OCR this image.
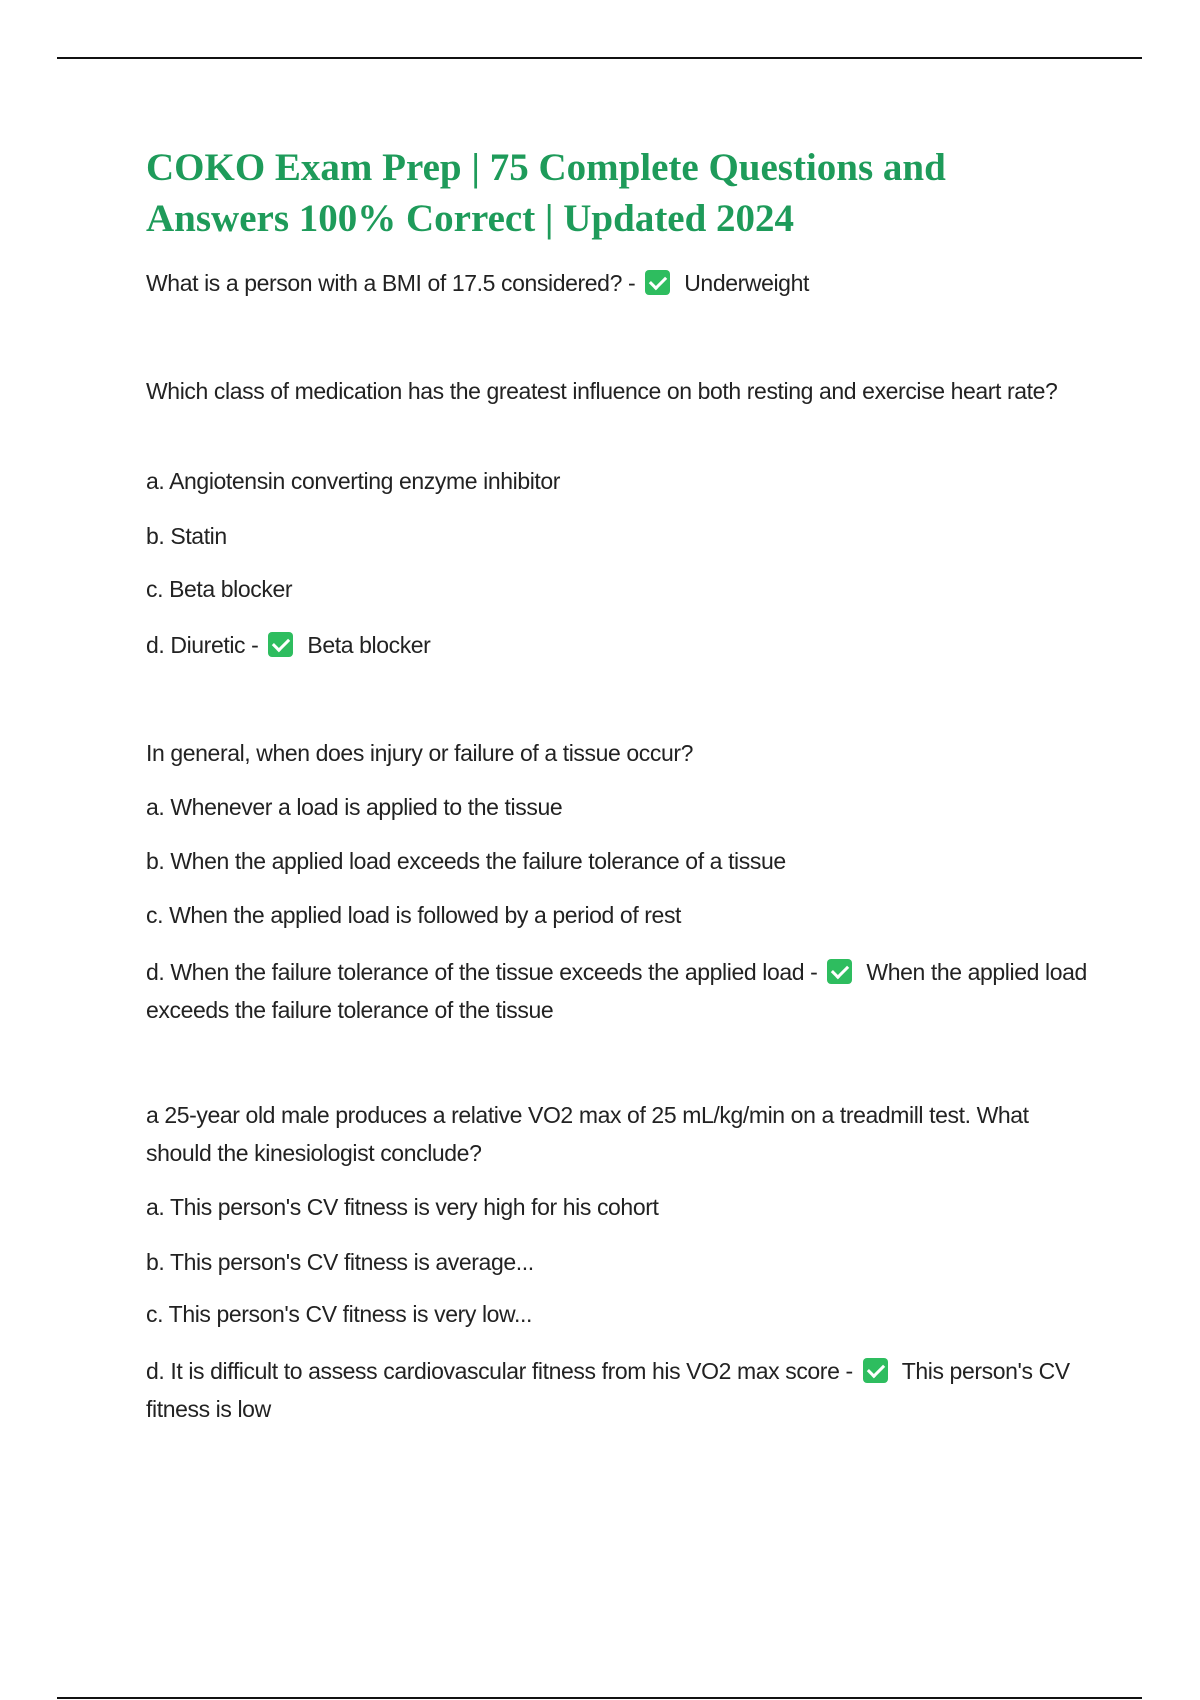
COKO Exam Prep | 75 Complete Questions and Answers 100% Correct | Updated 2024

What is a person with a BMI of 17.5 considered? - Underweight

Which class of medication has the greatest influence on both resting and exercise heart rate?

a. Angiotensin converting enzyme inhibitor

b. Statin

c. Beta blocker

d. Diuretic - Beta blocker

In general, when does injury or failure of a tissue occur?

a. Whenever a load is applied to the tissue

b. When the applied load exceeds the failure tolerance of a tissue

c. When the applied load is followed by a period of rest

d. When the failure tolerance of the tissue exceeds the applied load - When the applied load exceeds the failure tolerance of the tissue

a 25-year old male produces a relative VO2 max of 25 mL/kg/min on a treadmill test. What should the kinesiologist conclude?

a. This person's CV fitness is very high for his cohort

b. This person's CV fitness is average...

c. This person's CV fitness is very low...

d. It is difficult to assess cardiovascular fitness from his VO2 max score - This person's CV fitness is low
